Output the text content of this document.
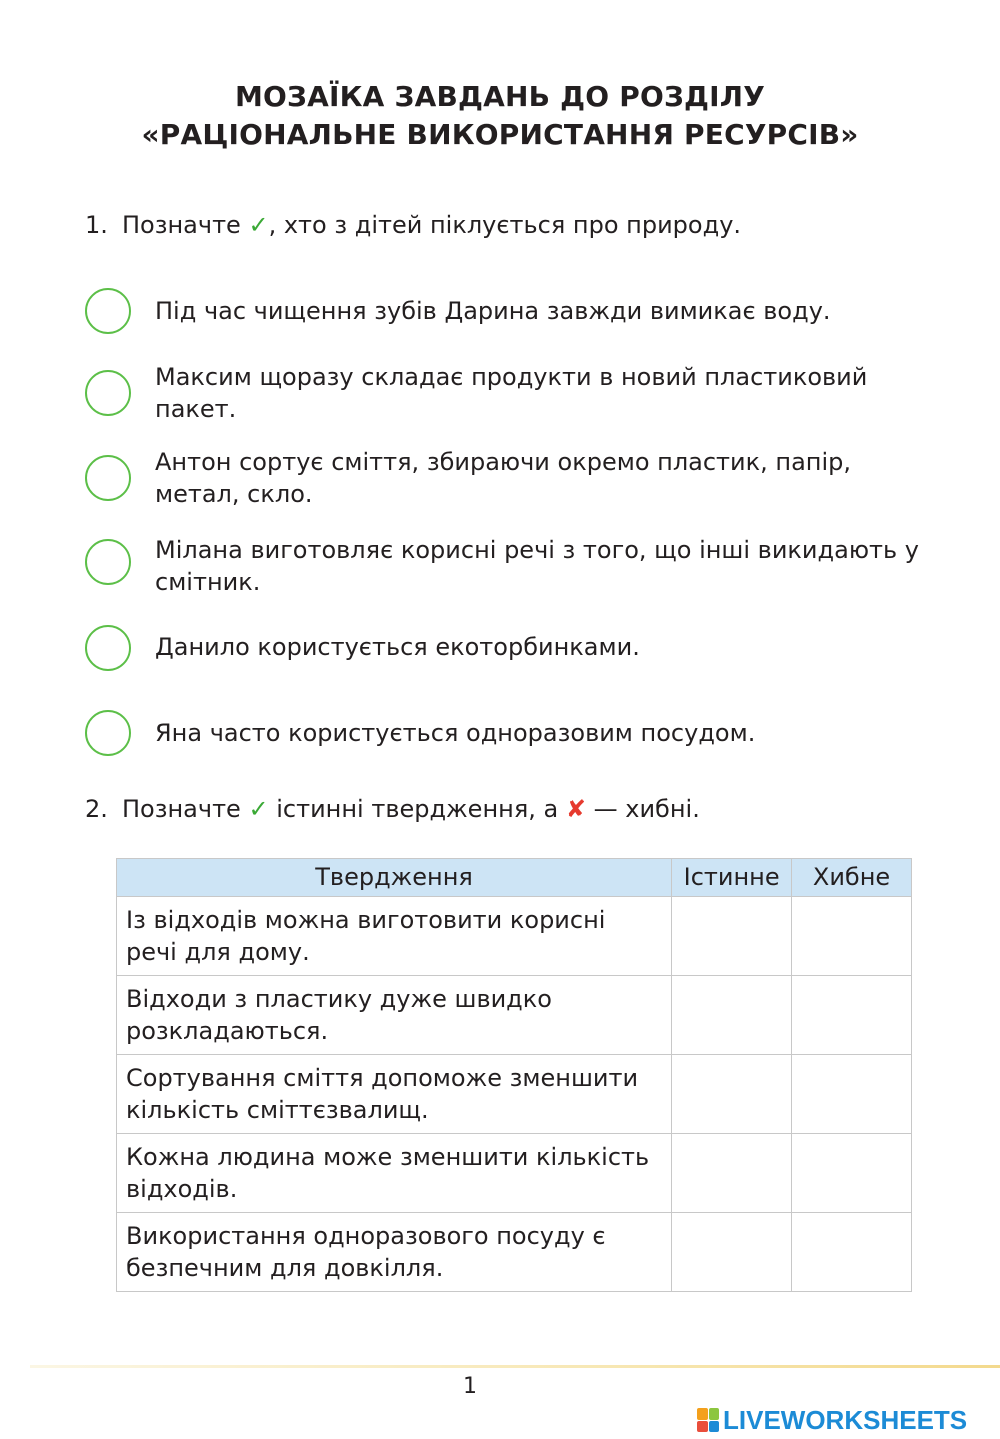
МОЗАЇКА ЗАВДАНЬ ДО РОЗДІЛУ
«РАЦІОНАЛЬНЕ ВИКОРИСТАННЯ РЕСУРСІВ»
1. Позначте ✓, хто з дітей піклується про природу.
Під час чищення зубів Дарина завжди вимикає воду.
Максим щоразу складає продукти в новий пластиковий пакет.
Антон сортує сміття, збираючи окремо пластик, папір, метал, скло.
Мілана виготовляє корисні речі з того, що інші викидають у смітник.
Данило користується екоторбинками.
Яна часто користується одноразовим посудом.
2. Позначте ✓ істинні твердження, а ✘ — хибні.
Твердження	Істинне	Хибне
Із відходів можна виготовити корисні речі для дому.		
Відходи з пластику дуже швидко розкладаються.		
Сортування сміття допоможе зменшити кількість сміттєзвалищ.		
Кожна людина може зменшити кількість відходів.		
Використання одноразового посуду є безпечним для довкілля.		
1
LIVEWORKSHEETS
